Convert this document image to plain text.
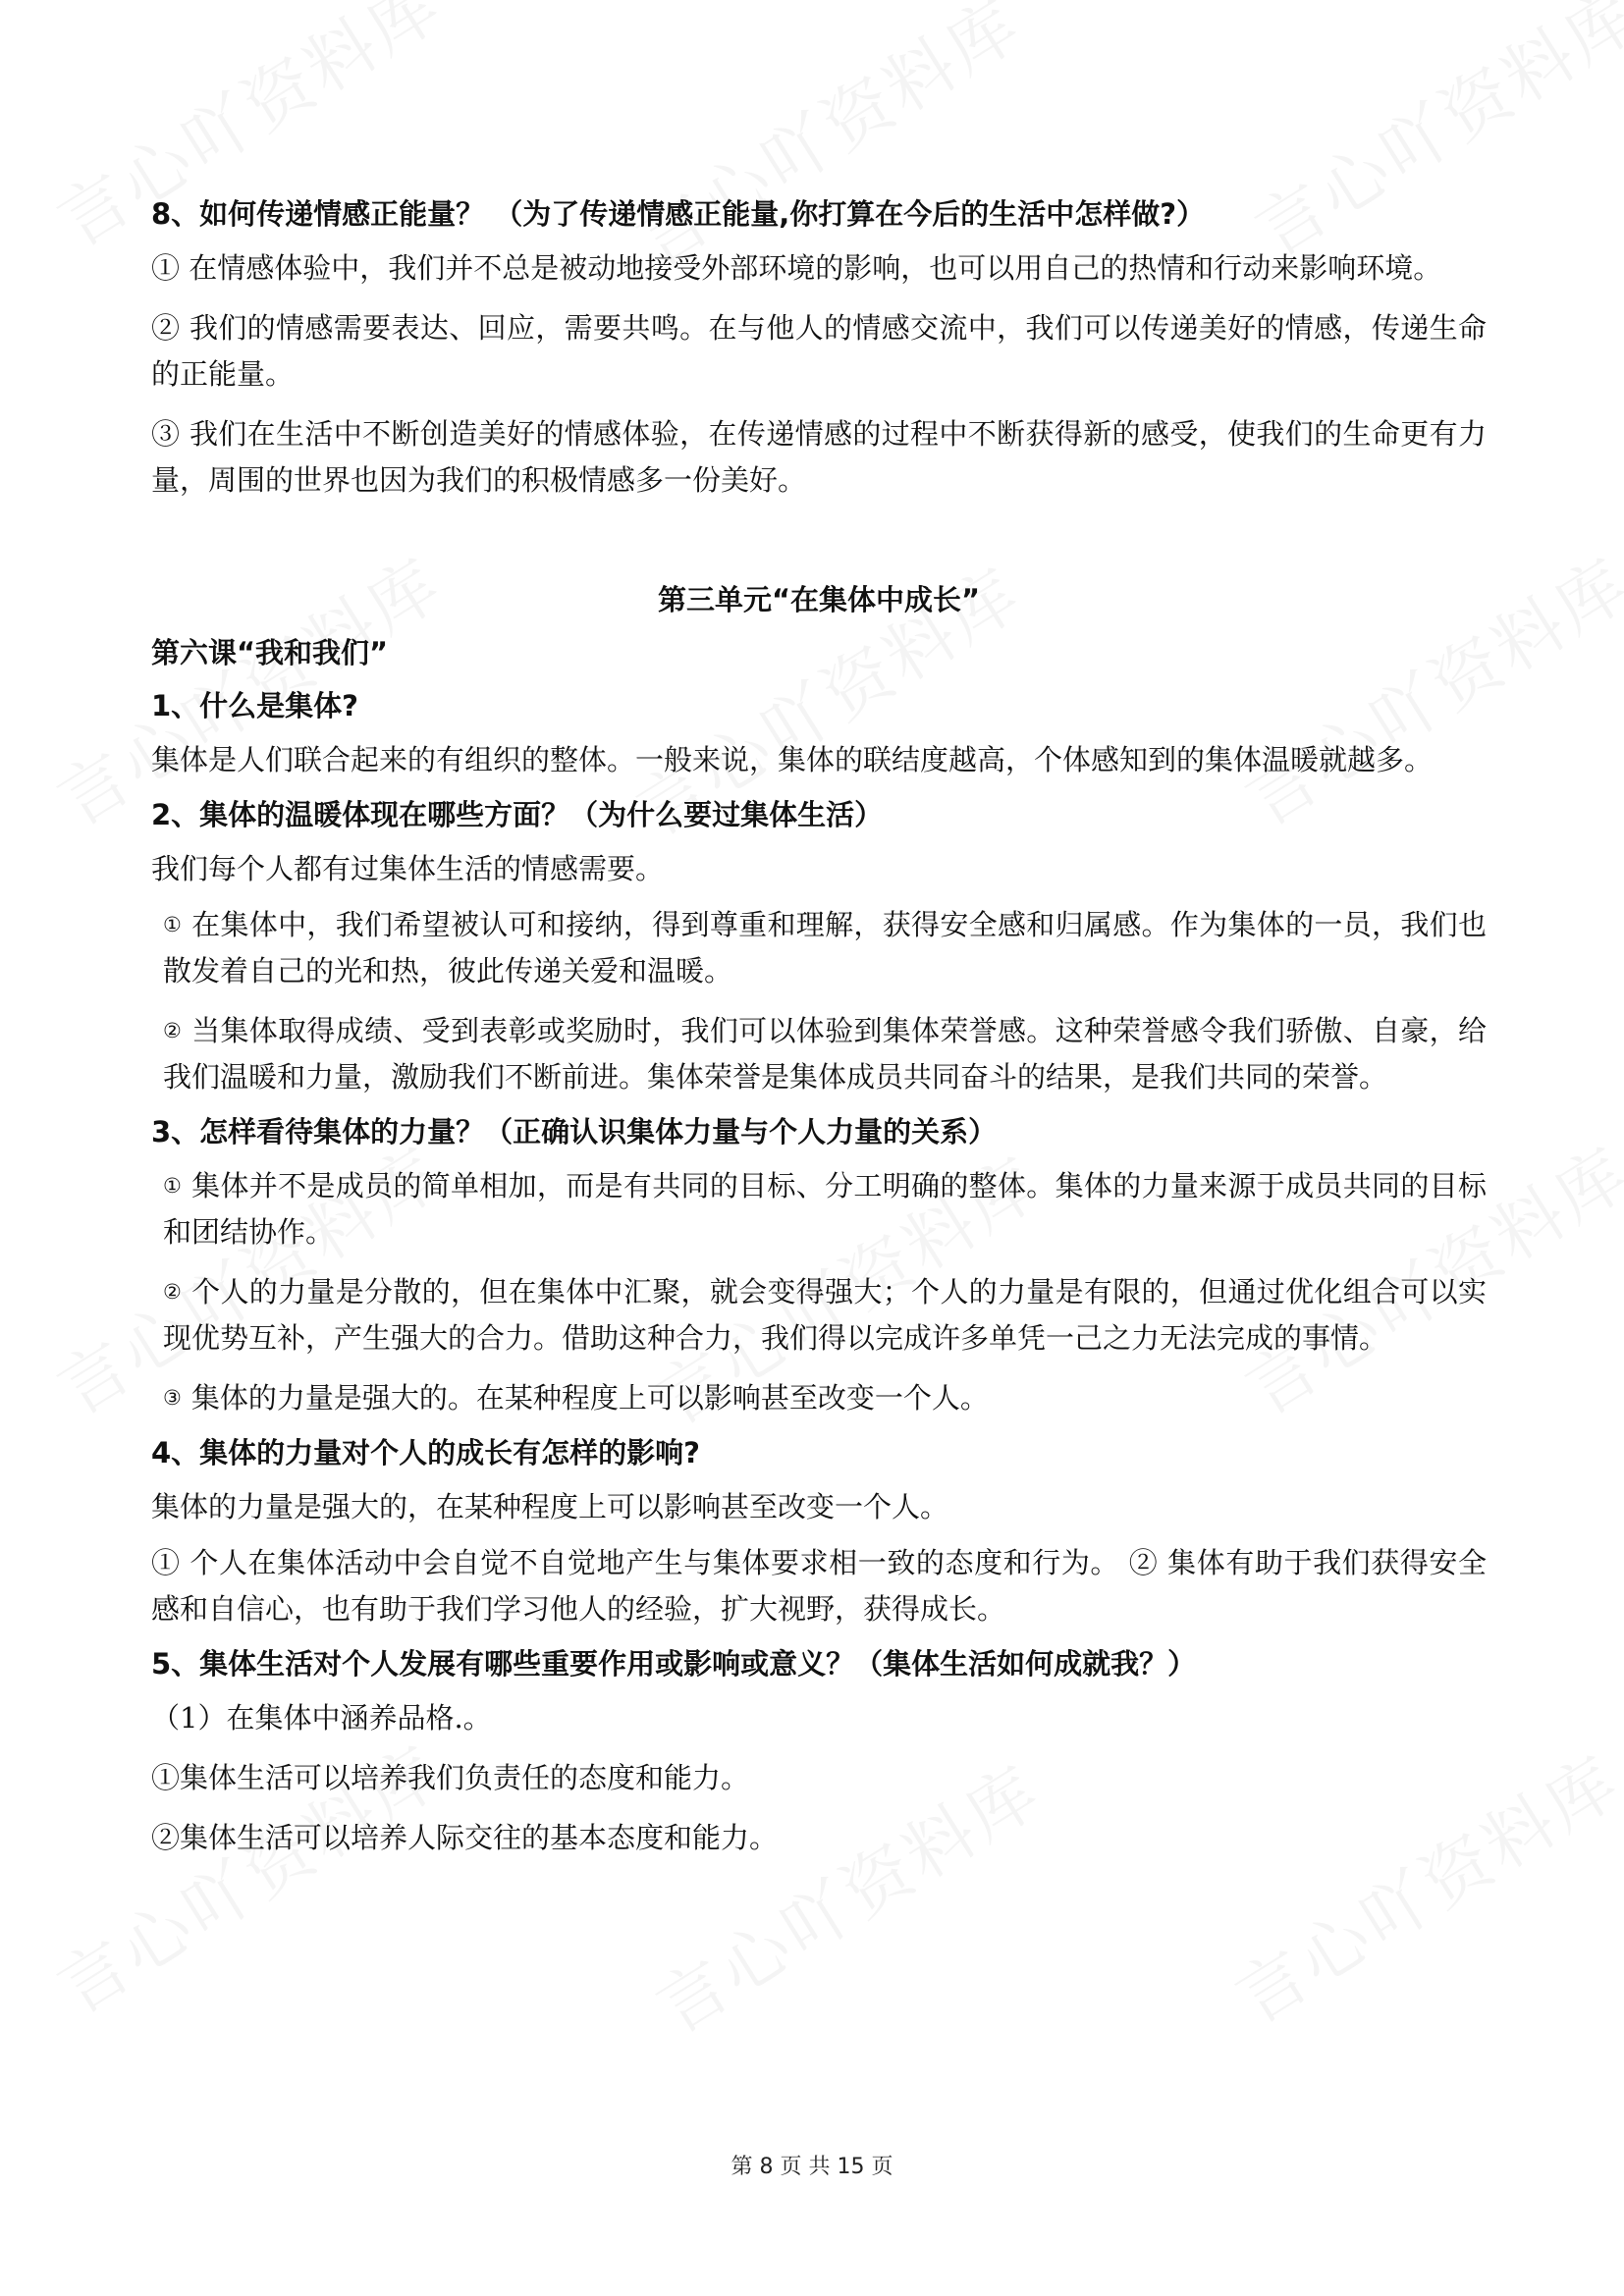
8、如何传递情感正能量？ （为了传递情感正能量,你打算在今后的生活中怎样做?）

① 在情感体验中，我们并不总是被动地接受外部环境的影响，也可以用自己的热情和行动来影响环境。

② 我们的情感需要表达、回应，需要共鸣。在与他人的情感交流中，我们可以传递美好的情感，传递生命的正能量。

③ 我们在生活中不断创造美好的情感体验，在传递情感的过程中不断获得新的感受，使我们的生命更有力量，周围的世界也因为我们的积极情感多一份美好。

第三单元“在集体中成长”

第六课“我和我们”

1、什么是集体?

集体是人们联合起来的有组织的整体。一般来说，集体的联结度越高，个体感知到的集体温暖就越多。

2、集体的温暖体现在哪些方面？（为什么要过集体生活）

我们每个人都有过集体生活的情感需要。

① 在集体中，我们希望被认可和接纳，得到尊重和理解，获得安全感和归属感。作为集体的一员，我们也散发着自己的光和热，彼此传递关爱和温暖。

② 当集体取得成绩、受到表彰或奖励时，我们可以体验到集体荣誉感。这种荣誉感令我们骄傲、自豪，给我们温暖和力量，激励我们不断前进。集体荣誉是集体成员共同奋斗的结果，是我们共同的荣誉。

3、怎样看待集体的力量？（正确认识集体力量与个人力量的关系）

① 集体并不是成员的简单相加，而是有共同的目标、分工明确的整体。集体的力量来源于成员共同的目标和团结协作。

② 个人的力量是分散的，但在集体中汇聚，就会变得强大；个人的力量是有限的，但通过优化组合可以实现优势互补，产生强大的合力。借助这种合力，我们得以完成许多单凭一己之力无法完成的事情。

③ 集体的力量是强大的。在某种程度上可以影响甚至改变一个人。

4、集体的力量对个人的成长有怎样的影响?

集体的力量是强大的，在某种程度上可以影响甚至改变一个人。

① 个人在集体活动中会自觉不自觉地产生与集体要求相一致的态度和行为。 ② 集体有助于我们获得安全感和自信心，也有助于我们学习他人的经验，扩大视野，获得成长。

5、集体生活对个人发展有哪些重要作用或影响或意义？（集体生活如何成就我？）

（1）在集体中涵养品格.。

①集体生活可以培养我们负责任的态度和能力。

②集体生活可以培养人际交往的基本态度和能力。

第 8 页 共 15 页
